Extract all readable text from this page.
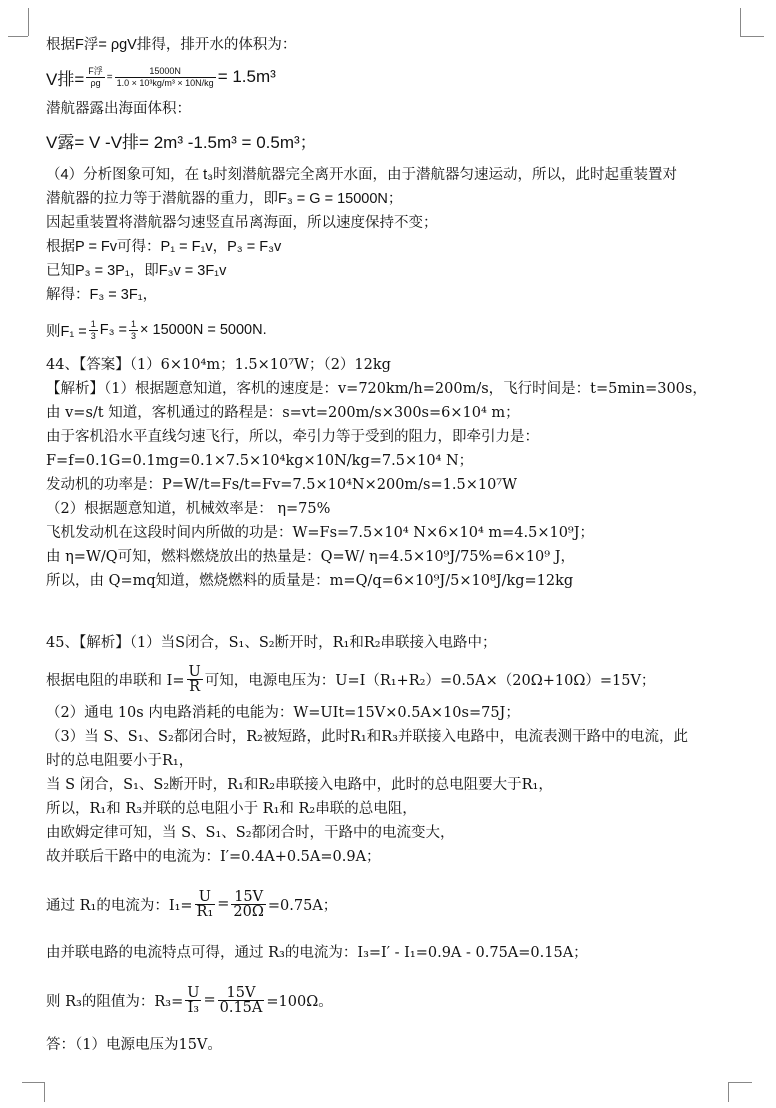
根据F浮= ρgV排得，排开水的体积为：
V排= $\frac{\text{F浮}}{\rho g} = \frac{15000N}{\text{1.0 × 10³kg/m³ × 10N/kg}} = 1.5m^3$
潜航器露出海面体积：
V露= V -V排= 2m³ -1.5m³ = 0.5m³；
（4）分析图象可知，在 t₃时刻潜航器完全离开水面，由于潜航器匀速运动，所以，此时起重装置对
潜航器的拉力等于潜航器的重力，即F₃ = G = 15000N；
因起重装置将潜航器匀速竖直吊离海面，所以速度保持不变；
根据P = Fv可得：P₁ = F₁v，P₃ = F₃v
已知P₃ = 3P₁，即F₃v = 3F₁v
解得：F₃ = 3F₁，
则$F_1 = \frac{1}{3} F_3 = \frac{1}{3} \times 15000N = 5000N$.
44、【答案】（1）6×10⁴m；1.5×10⁷W；（2）12kg
【解析】（1）根据题意知道，客机的速度是：v=720km/h=200m/s，飞行时间是：t=5min=300s，
由 v=s/t 知道，客机通过的路程是：s=vt=200m/s×300s=6×10⁴ m；
由于客机沿水平直线匀速飞行，所以，牵引力等于受到的阻力，即牵引力是：
F=f=0.1G=0.1mg=0.1×7.5×10⁴kg×10N/kg=7.5×10⁴ N；
发动机的功率是：P=W/t=Fs/t=Fv=7.5×10⁴N×200m/s=1.5×10⁷W
（2）根据题意知道，机械效率是： η=75%
飞机发动机在这段时间内所做的功是：W=Fs=7.5×10⁴ N×6×10⁴ m=4.5×10⁹J；
由 η=W/Q可知，燃料燃烧放出的热量是：Q=W/ η=4.5×10⁹J/75%=6×10⁹ J，
所以，由 Q=mq知道，燃烧燃料的质量是：m=Q/q=6×10⁹J/5×10⁸J/kg=12kg
45、【解析】（1）当S闭合，S₁、S₂断开时，R₁和R₂串联接入电路中；
根据电阻的串联和 $I= \frac{U}{R}$ 可知，电源电压为：U=I（R₁+R₂）=0.5A×（20Ω+10Ω）=15V；
（2）通电 10s 内电路消耗的电能为：W=UIt=15V×0.5A×10s=75J；
（3）当 S、S₁、S₂都闭合时，R₂被短路，此时R₁和R₃并联接入电路中，电流表测干路中的电流，此
时的总电阻要小于R₁，
当 S 闭合，S₁、S₂断开时，R₁和R₂串联接入电路中，此时的总电阻要大于R₁，
所以，R₁和 R₃并联的总电阻小于 R₁和 R₂串联的总电阻，
由欧姆定律可知，当 S、S₁、S₂都闭合时，干路中的电流变大，
故并联后干路中的电流为：I′=0.4A+0.5A=0.9A；
通过 R₁的电流为：$I_1= \frac{U}{\text{R₁}} = \frac{15V}{20\Omega} =0.75A$；
由并联电路的电流特点可得，通过 R₃的电流为：I₃=I′ - I₁=0.9A - 0.75A=0.15A；
则 R₃的阻值为：$R_3= \frac{U}{\text{I₃}} = \frac{15V}{0.15A} =100\Omega$。
答：（1）电源电压为15V。
